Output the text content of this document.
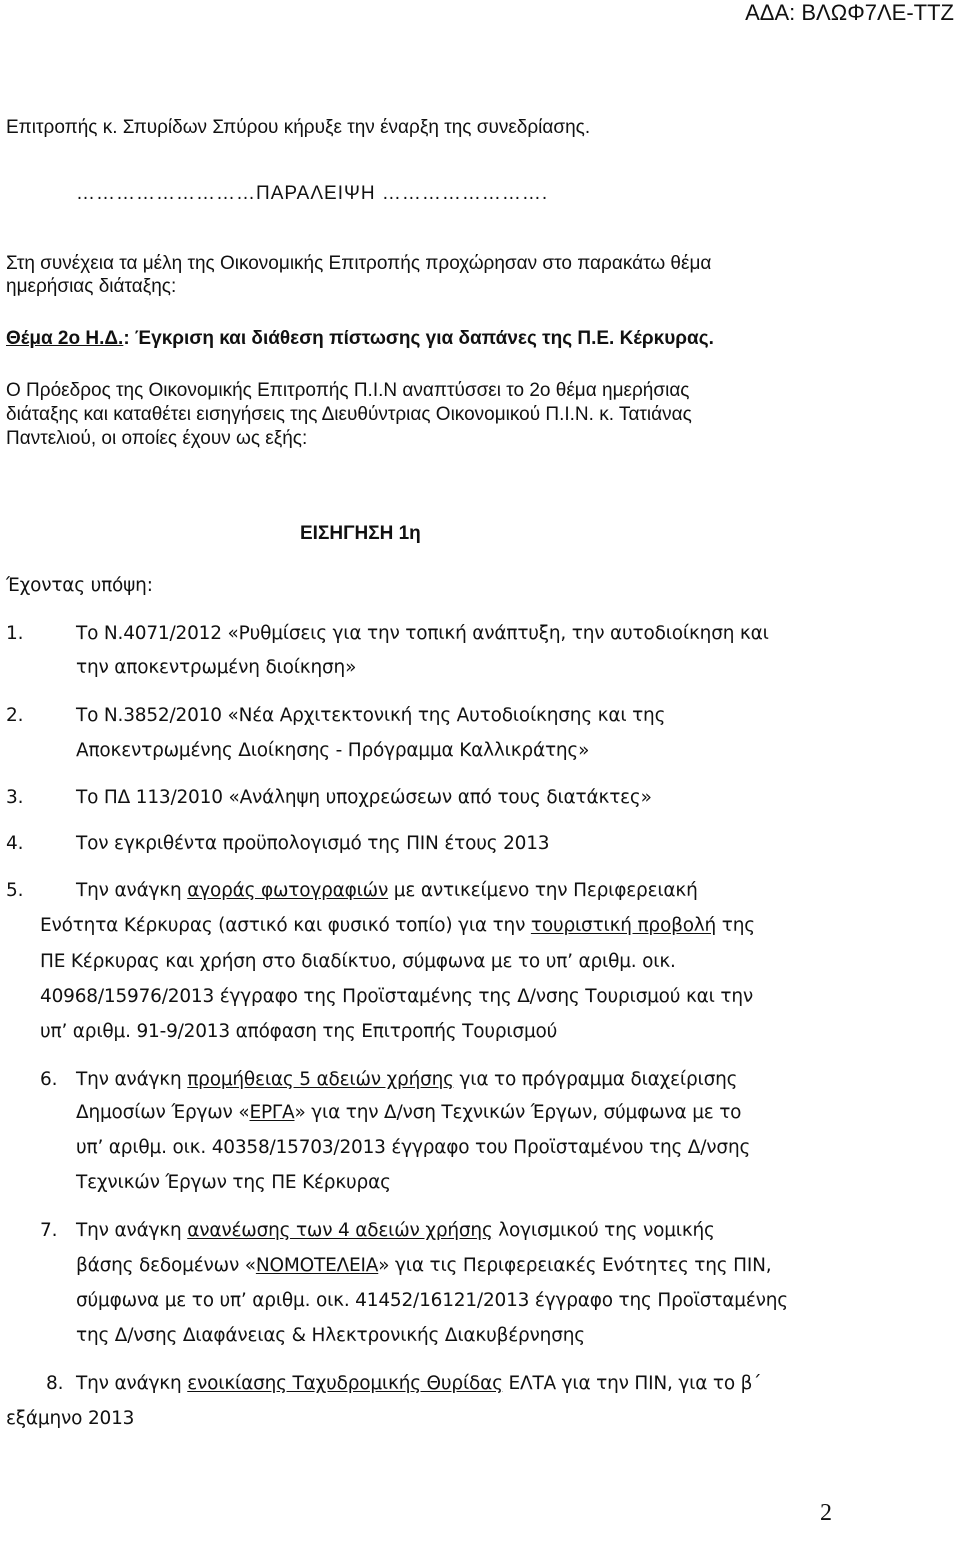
ΑΔΑ: ΒΛΩΦ7ΛΕ-ΤΤΖ
Επιτροπής κ. Σπυρίδων Σπύρου κήρυξε την έναρξη της συνεδρίασης.
………………………ΠΑΡΑΛΕΙΨΗ …………………….
Στη συνέχεια τα μέλη της Οικονομικής Επιτροπής προχώρησαν στο παρακάτω θέμα
ημερήσιας διάταξης:
Θέμα 2ο Η.Δ.: Έγκριση και διάθεση πίστωσης για δαπάνες της Π.Ε. Κέρκυρας.
Ο Πρόεδρος της Οικονομικής Επιτροπής Π.Ι.Ν αναπτύσσει το 2ο θέμα ημερήσιας
διάταξης και καταθέτει εισηγήσεις της Διευθύντριας Οικονομικού Π.Ι.Ν. κ. Τατιάνας
Παντελιού, οι οποίες έχουν ως εξής:
ΕΙΣΗΓΗΣΗ 1η
Έχοντας υπόψη:
1.	Το Ν.4071/2012 «Ρυθμίσεις για την τοπική ανάπτυξη, την αυτοδιοίκηση και
την αποκεντρωμένη διοίκηση»
2.	Το Ν.3852/2010 «Νέα Αρχιτεκτονική της Αυτοδιοίκησης και της
Αποκεντρωμένης Διοίκησης - Πρόγραμμα Καλλικράτης»
3.	Το ΠΔ 113/2010 «Ανάληψη υποχρεώσεων από τους διατάκτες»
4.	Τον εγκριθέντα προϋπολογισμό της ΠΙΝ έτους 2013
5.	Την ανάγκη αγοράς φωτογραφιών με αντικείμενο την Περιφερειακή
Ενότητα Κέρκυρας (αστικό και φυσικό τοπίο) για την τουριστική προβολή της
ΠΕ Κέρκυρας και χρήση στο διαδίκτυο, σύμφωνα με το υπ’ αριθμ. οικ.
40968/15976/2013 έγγραφο της Προϊσταμένης της Δ/νσης Τουρισμού και την
υπ’ αριθμ. 91-9/2013 απόφαση της Επιτροπής Τουρισμού
6. Την ανάγκη προμήθειας 5 αδειών χρήσης για το πρόγραμμα διαχείρισης
Δημοσίων Έργων «ΕΡΓΑ» για την Δ/νση Τεχνικών Έργων, σύμφωνα με το
υπ’ αριθμ. οικ. 40358/15703/2013 έγγραφο του Προϊσταμένου της Δ/νσης
Τεχνικών Έργων της ΠΕ Κέρκυρας
7. Την ανάγκη ανανέωσης των 4 αδειών χρήσης λογισμικού της νομικής
βάσης δεδομένων «ΝΟΜΟΤΕΛΕΙΑ» για τις Περιφερειακές Ενότητες της ΠΙΝ,
σύμφωνα με το υπ’ αριθμ. οικ. 41452/16121/2013 έγγραφο της Προϊσταμένης
της Δ/νσης Διαφάνειας & Ηλεκτρονικής Διακυβέρνησης
8. Την ανάγκη ενοικίασης Ταχυδρομικής Θυρίδας ΕΛΤΑ για την ΠΙΝ, για το β΄
εξάμηνο 2013
2
